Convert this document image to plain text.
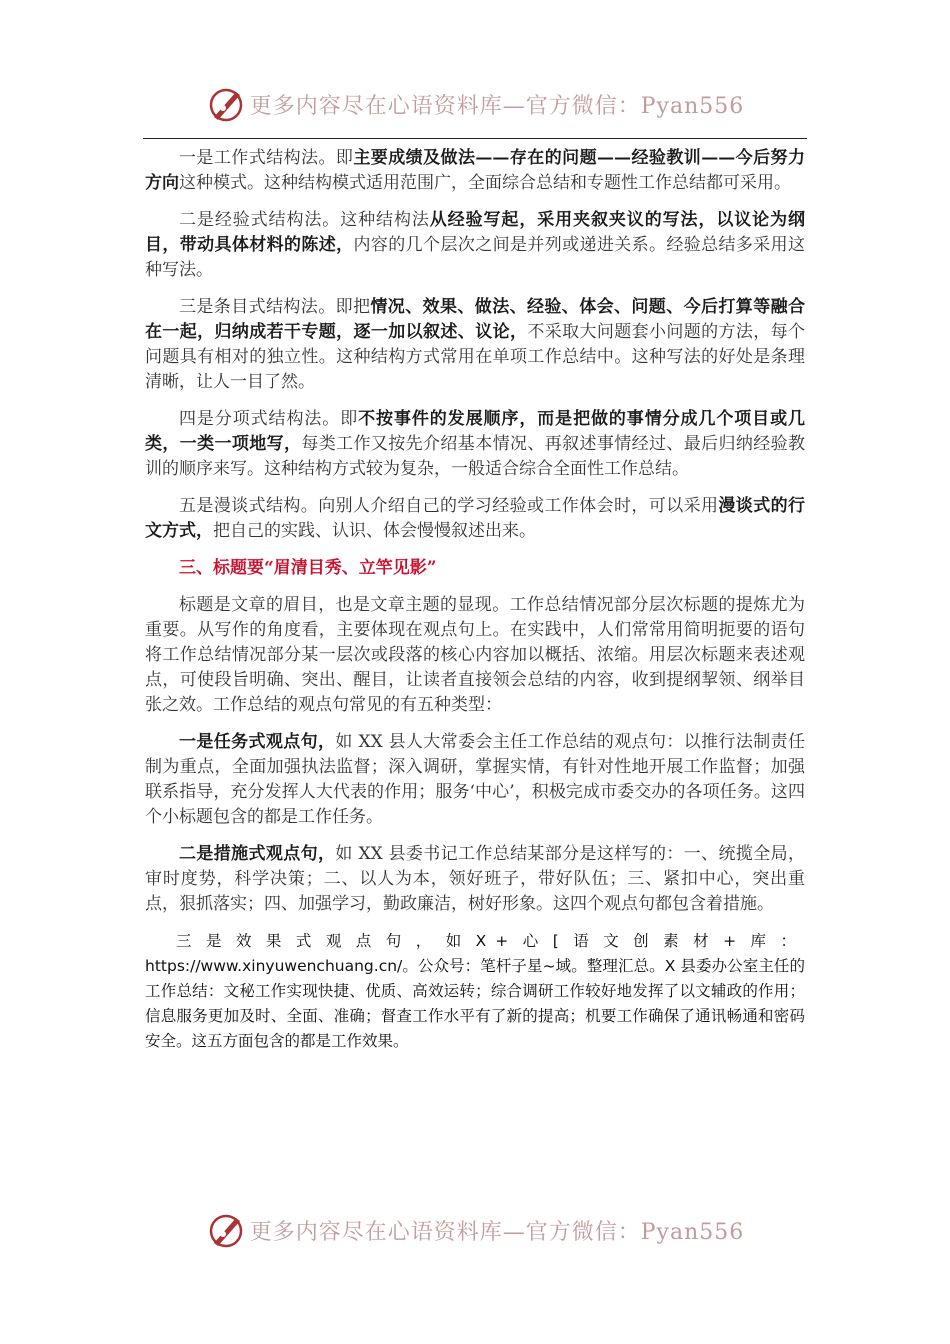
更多内容尽在心语资料库—官方微信：Pyan556

一是工作式结构法。即主要成绩及做法——存在的问题——经验教训——今后努力方向这种模式。这种结构模式适用范围广，全面综合总结和专题性工作总结都可采用。

二是经验式结构法。这种结构法从经验写起，采用夹叙夹议的写法，以议论为纲目，带动具体材料的陈述，内容的几个层次之间是并列或递进关系。经验总结多采用这种写法。

三是条目式结构法。即把情况、效果、做法、经验、体会、问题、今后打算等融合在一起，归纳成若干专题，逐一加以叙述、议论，不采取大问题套小问题的方法，每个问题具有相对的独立性。这种结构方式常用在单项工作总结中。这种写法的好处是条理清晰，让人一目了然。

四是分项式结构法。即不按事件的发展顺序，而是把做的事情分成几个项目或几类，一类一项地写，每类工作又按先介绍基本情况、再叙述事情经过、最后归纳经验教训的顺序来写。这种结构方式较为复杂，一般适合综合全面性工作总结。

五是漫谈式结构。向别人介绍自己的学习经验或工作体会时，可以采用漫谈式的行文方式，把自己的实践、认识、体会慢慢叙述出来。

三、标题要“眉清目秀、立竿见影”

标题是文章的眉目，也是文章主题的显现。工作总结情况部分层次标题的提炼尤为重要。从写作的角度看，主要体现在观点句上。在实践中，人们常常用简明扼要的语句将工作总结情况部分某一层次或段落的核心内容加以概括、浓缩。用层次标题来表述观点，可使段旨明确、突出、醒目，让读者直接领会总结的内容，收到提纲挈领、纲举目张之效。工作总结的观点句常见的有五种类型：

一是任务式观点句，如 XX 县人大常委会主任工作总结的观点句：以推行法制责任制为重点，全面加强执法监督；深入调研，掌握实情，有针对性地开展工作监督；加强联系指导，充分发挥人大代表的作用；服务‘中心’，积极完成市委交办的各项任务。这四个小标题包含的都是工作任务。

二是措施式观点句，如 XX 县委书记工作总结某部分是这样写的：一、统揽全局，审时度势，科学决策；二、以人为本，领好班子，带好队伍；三、紧扣中心，突出重点，狠抓落实；四、加强学习，勤政廉洁，树好形象。这四个观点句都包含着措施。

三是效果式观点句，如X+心[语文创素材+库：https://www.xinyuwenchuang.cn/。公众号：笔杆子星~域。整理汇总。X 县委办公室主任的工作总结：文秘工作实现快捷、优质、高效运转；综合调研工作较好地发挥了以文辅政的作用；信息服务更加及时、全面、准确；督查工作水平有了新的提高；机要工作确保了通讯畅通和密码安全。这五方面包含的都是工作效果。

更多内容尽在心语资料库—官方微信：Pyan556
